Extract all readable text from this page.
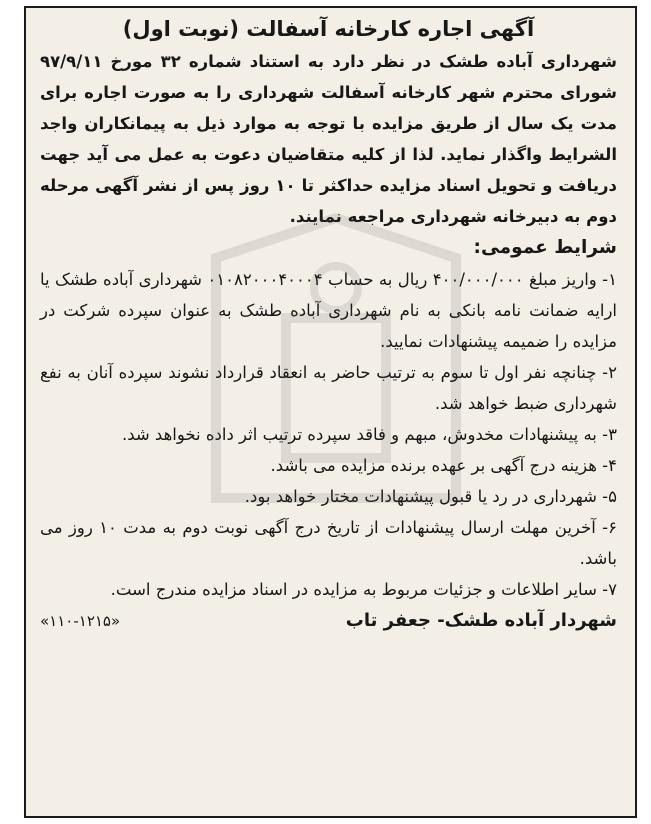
آگهی اجاره کارخانه آسفالت (نوبت اول)

شهرداری آباده طشک در نظر دارد به استناد شماره ۳۲ مورخ ۹۷/۹/۱۱ شورای محترم شهر کارخانه آسفالت شهرداری را به صورت اجاره برای مدت یک سال از طریق مزایده با توجه به موارد ذیل به پیمانکاران واجد الشرایط واگذار نماید. لذا از کلیه متقاضیان دعوت به عمل می آید جهت دریافت و تحویل اسناد مزایده حداکثر تا ۱۰ روز پس از نشر آگهی مرحله دوم به دبیرخانه شهرداری مراجعه نمایند.

شرایط عمومی:
۱- واریز مبلغ ۴۰۰/۰۰۰/۰۰۰ ریال به حساب ۰۱۰۸۲۰۰۰۴۰۰۰۴ شهرداری آباده طشک یا ارایه ضمانت نامه بانکی به نام شهرداری آباده طشک به عنوان سپرده شرکت در مزایده را ضمیمه پیشنهادات نمایید.
۲- چنانچه نفر اول تا سوم به ترتیب حاضر به انعقاد قرارداد نشوند سپرده آنان به نفع شهرداری ضبط خواهد شد.
۳- به پیشنهادات مخدوش، مبهم و فاقد سپرده ترتیب اثر داده نخواهد شد.
۴- هزینه درج آگهی بر عهده برنده مزایده می باشد.
۵- شهرداری در رد یا قبول پیشنهادات مختار خواهد بود.
۶- آخرین مهلت ارسال پیشنهادات از تاریخ درج آگهی نوبت دوم به مدت ۱۰ روز می باشد.
۷- سایر اطلاعات و جزئیات مربوط به مزایده در اسناد مزایده مندرج است.
شهردار آباده طشک- جعفر تاب
«۱۱۰-۱۲۱۵»
